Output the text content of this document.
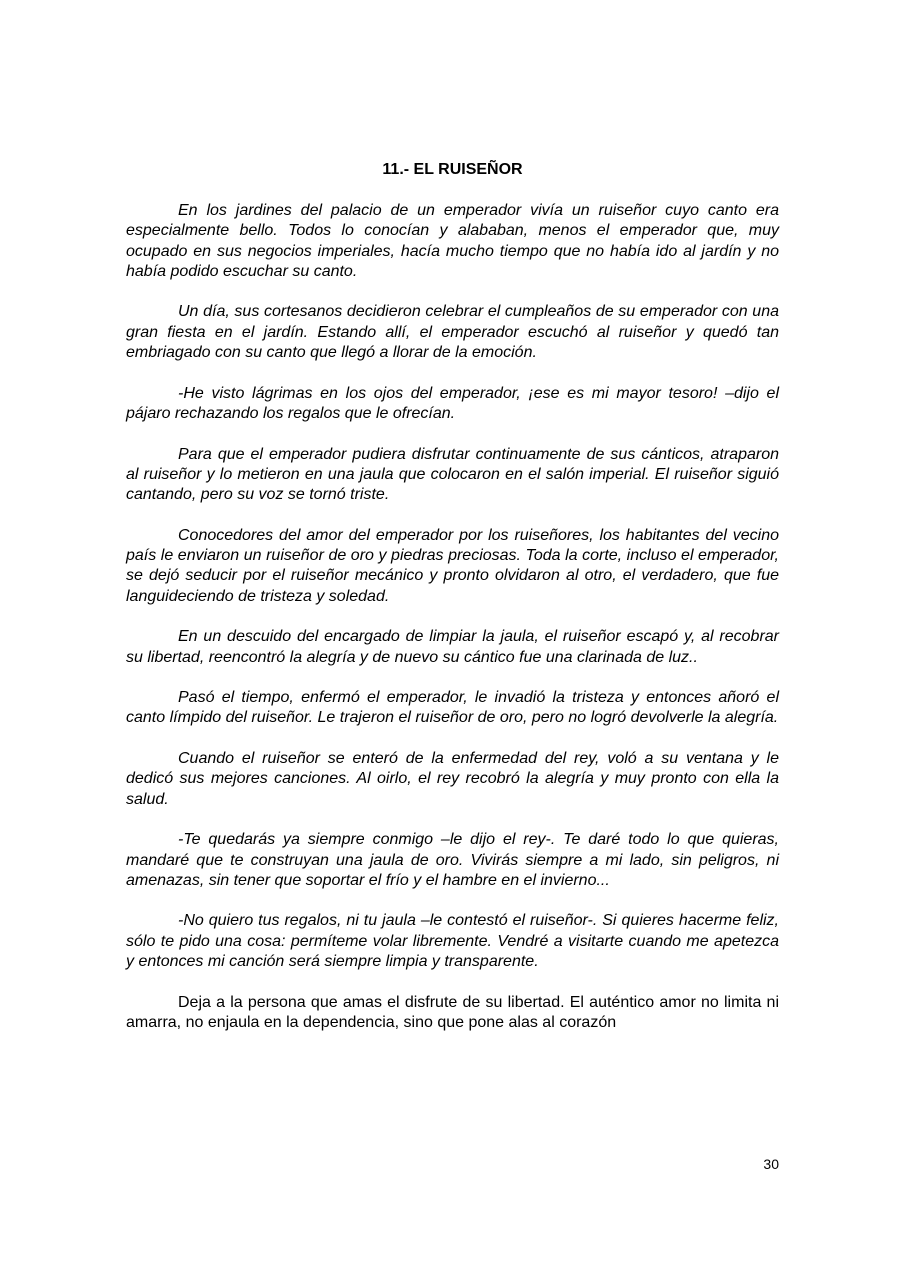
11.- EL RUISEÑOR

En los jardines del palacio de un emperador vivía un ruiseñor cuyo canto era especialmente bello. Todos lo conocían y alababan, menos el emperador que, muy ocupado en sus negocios imperiales, hacía mucho tiempo que no había ido al jardín y no había podido escuchar su canto.

Un día, sus cortesanos decidieron celebrar el cumpleaños de su emperador con una gran fiesta en el jardín. Estando allí, el emperador escuchó al ruiseñor y quedó tan embriagado con su canto que llegó a llorar de la emoción.

-He visto lágrimas en los ojos del emperador, ¡ese es mi mayor tesoro! –dijo el pájaro rechazando los regalos que le ofrecían.

Para que el emperador pudiera disfrutar continuamente de sus cánticos, atraparon al ruiseñor y lo metieron en una jaula que colocaron en el salón imperial. El ruiseñor siguió cantando, pero su voz se tornó triste.

Conocedores del amor del emperador por los ruiseñores, los habitantes del vecino país le enviaron un ruiseñor de oro y piedras preciosas. Toda la corte, incluso el emperador, se dejó seducir por el ruiseñor mecánico y pronto olvidaron al otro, el verdadero, que fue languideciendo de tristeza y soledad.

En un descuido del encargado de limpiar la jaula, el ruiseñor escapó y, al recobrar su libertad, reencontró la alegría y de nuevo su cántico fue una clarinada de luz..

Pasó el tiempo, enfermó el emperador, le invadió la tristeza y entonces añoró el canto límpido del ruiseñor. Le trajeron el ruiseñor de oro, pero no logró devolverle la alegría.

Cuando el ruiseñor se enteró de la enfermedad del rey, voló a su ventana y le dedicó sus mejores canciones. Al oirlo, el rey recobró la alegría y muy pronto con ella la salud.

-Te quedarás ya siempre conmigo –le dijo el rey-. Te daré todo lo que quieras, mandaré que te construyan una jaula de oro. Vivirás siempre a mi lado, sin peligros, ni amenazas, sin tener que soportar el frío y el hambre en el invierno...

-No quiero tus regalos, ni tu jaula –le contestó el ruiseñor-. Si quieres hacerme feliz, sólo te pido una cosa: permíteme volar libremente. Vendré a visitarte cuando me apetezca y entonces mi canción será siempre limpia y transparente.

Deja a la persona que amas el disfrute de su libertad. El auténtico amor no limita ni amarra, no enjaula en la dependencia, sino que pone alas al corazón

30
